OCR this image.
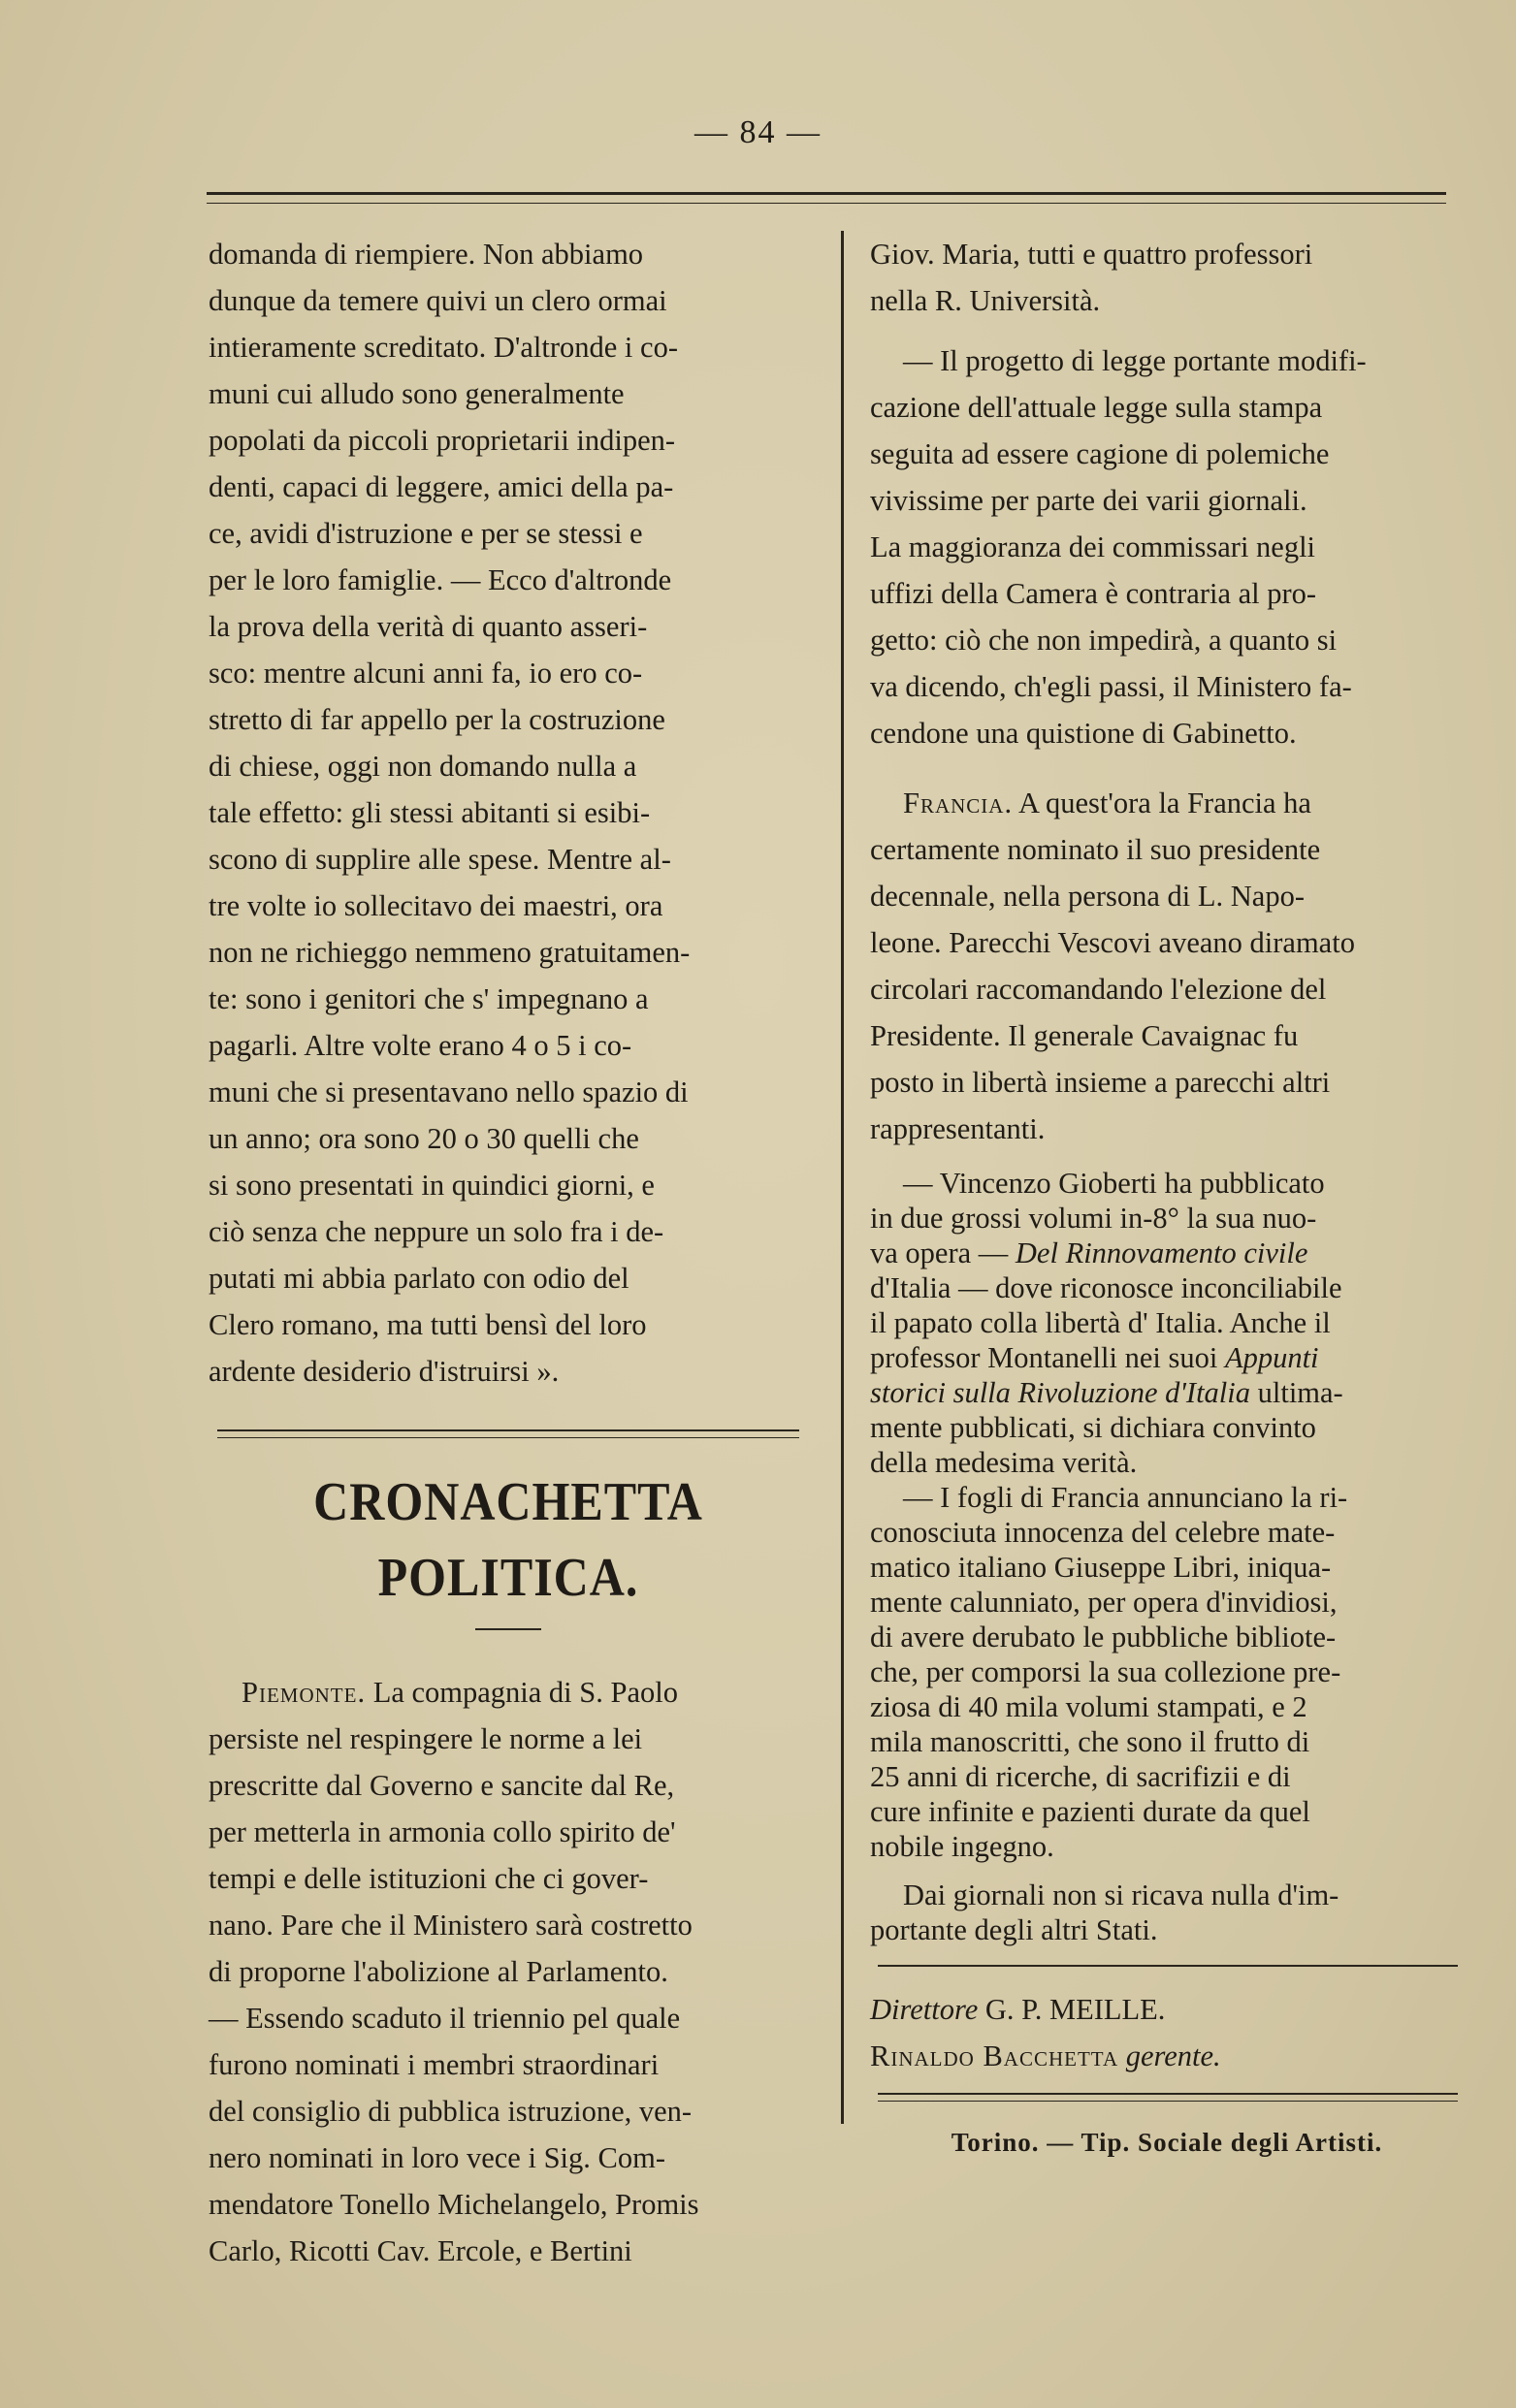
— 84 —

domanda di riempiere. Non abbiamo

dunque da temere quivi un clero ormai

intieramente screditato. D'altronde i co-

muni cui alludo sono generalmente

popolati da piccoli proprietarii indipen-

denti, capaci di leggere, amici della pa-

ce, avidi d'istruzione e per se stessi e

per le loro famiglie. — Ecco d'altronde

la prova della verità di quanto asseri-

sco: mentre alcuni anni fa, io ero co-

stretto di far appello per la costruzione

di chiese, oggi non domando nulla a

tale effetto: gli stessi abitanti si esibi-

scono di supplire alle spese. Mentre al-

tre volte io sollecitavo dei maestri, ora

non ne richieggo nemmeno gratuitamen-

te: sono i genitori che s' impegnano a

pagarli. Altre volte erano 4 o 5 i co-

muni che si presentavano nello spazio di

un anno; ora sono 20 o 30 quelli che

si sono presentati in quindici giorni, e

ciò senza che neppure un solo fra i de-

putati mi abbia parlato con odio del

Clero romano, ma tutti bensì del loro

ardente desiderio d'istruirsi ».

CRONACHETTA POLITICA.

Piemonte. La compagnia di S. Paolo

persiste nel respingere le norme a lei

prescritte dal Governo e sancite dal Re,

per metterla in armonia collo spirito de'

tempi e delle istituzioni che ci gover-

nano. Pare che il Ministero sarà costretto

di proporne l'abolizione al Parlamento.

— Essendo scaduto il triennio pel quale

furono nominati i membri straordinari

del consiglio di pubblica istruzione, ven-

nero nominati in loro vece i Sig. Com-

mendatore Tonello Michelangelo, Promis

Carlo, Ricotti Cav. Ercole, e Bertini

Giov. Maria, tutti e quattro professori

nella R. Università.

— Il progetto di legge portante modifi-

cazione dell'attuale legge sulla stampa

seguita ad essere cagione di polemiche

vivissime per parte dei varii giornali.

La maggioranza dei commissari negli

uffizi della Camera è contraria al pro-

getto: ciò che non impedirà, a quanto si

va dicendo, ch'egli passi, il Ministero fa-

cendone una quistione di Gabinetto.

Francia. A quest'ora la Francia ha

certamente nominato il suo presidente

decennale, nella persona di L. Napo-

leone. Parecchi Vescovi aveano diramato

circolari raccomandando l'elezione del

Presidente. Il generale Cavaignac fu

posto in libertà insieme a parecchi altri

rappresentanti.

— Vincenzo Gioberti ha pubblicato

in due grossi volumi in-8° la sua nuo-

va opera — Del Rinnovamento civile

d'Italia — dove riconosce inconciliabile

il papato colla libertà d' Italia. Anche il

professor Montanelli nei suoi Appunti

storici sulla Rivoluzione d'Italia ultima-

mente pubblicati, si dichiara convinto

della medesima verità.

— I fogli di Francia annunciano la ri-

conosciuta innocenza del celebre mate-

matico italiano Giuseppe Libri, iniqua-

mente calunniato, per opera d'invidiosi,

di avere derubato le pubbliche bibliote-

che, per comporsi la sua collezione pre-

ziosa di 40 mila volumi stampati, e 2

mila manoscritti, che sono il frutto di

25 anni di ricerche, di sacrifizii e di

cure infinite e pazienti durate da quel

nobile ingegno.

Dai giornali non si ricava nulla d'im-

portante degli altri Stati.

Direttore G. P. MEILLE.

Rinaldo Bacchetta gerente.

Torino. — Tip. Sociale degli Artisti.
